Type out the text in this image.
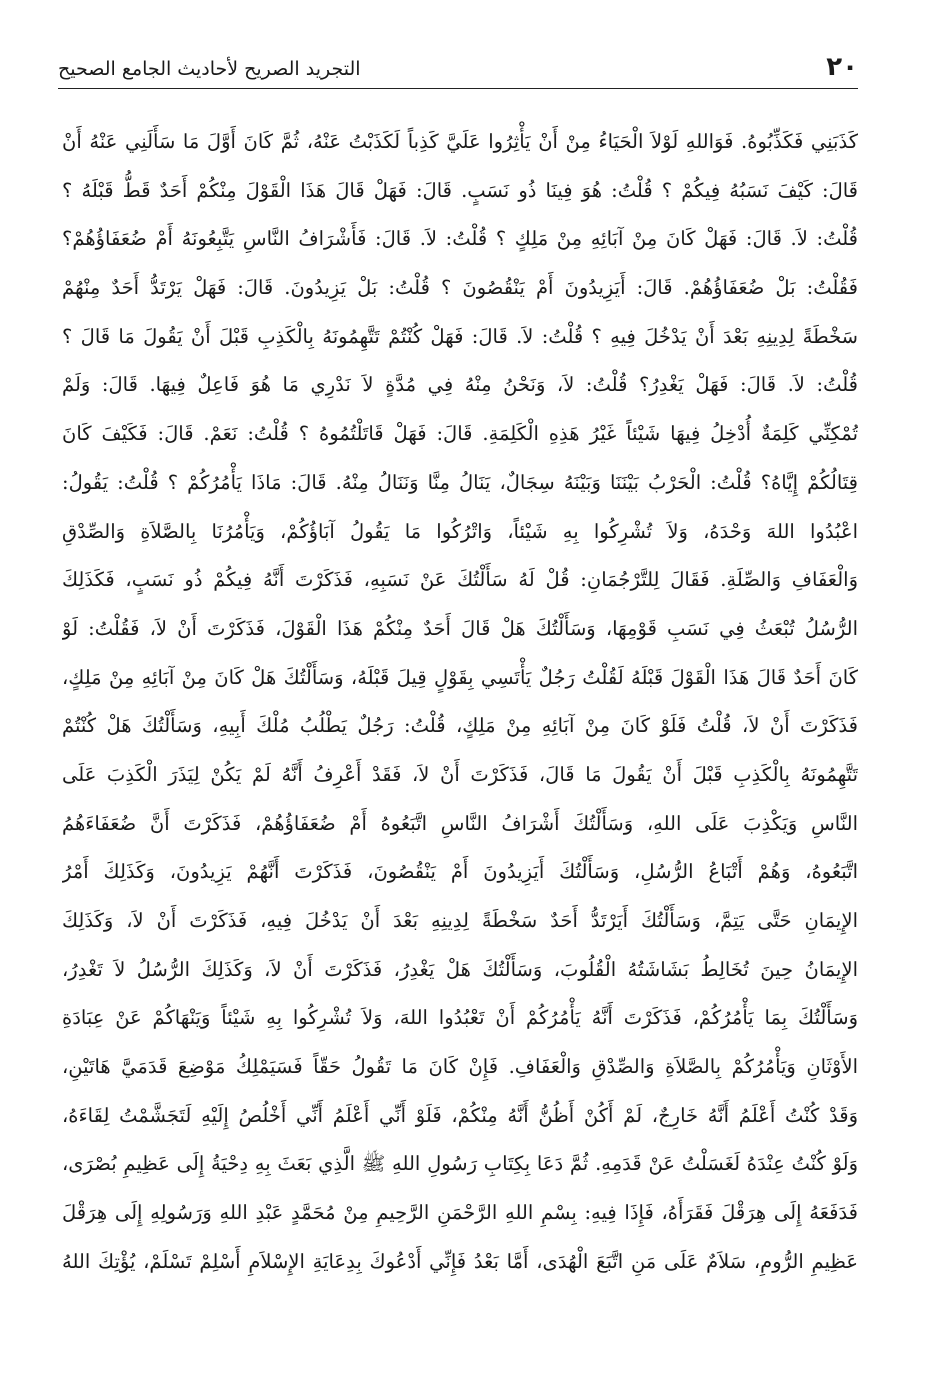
٢٠
التجريد الصريح لأحاديث الجامع الصحيح
كَذَبَنِي فَكَذِّبُوهُ. فَوَاللهِ لَوْلاَ الْحَيَاءُ مِنْ أَنْ يَأْثِرُوا عَلَيَّ كَذِباً لَكَذَبْتُ عَنْهُ، ثُمَّ كَانَ أَوَّلَ مَا سَأَلَنِي عَنْهُ أَنْ
قَالَ: كَيْفَ نَسَبُهُ فِيكُمْ ؟ قُلْتُ: هُوَ فِينَا ذُو نَسَبٍ. قَالَ: فَهَلْ قَالَ هَذَا الْقَوْلَ مِنْكُمْ أَحَدٌ قَطُّ قَبْلَهُ ؟
قُلْتُ: لاَ. قَالَ: فَهَلْ كَانَ مِنْ آبَائِهِ مِنْ مَلِكٍ ؟ قُلْتُ: لاَ. قَالَ: فَأَشْرَافُ النَّاسِ يَتَّبِعُونَهُ أَمْ ضُعَفَاؤُهُمْ؟
فَقُلْتُ: بَلْ ضُعَفَاؤُهُمْ. قَالَ: أَيَزِيدُونَ أَمْ يَنْقُصُونَ ؟ قُلْتُ: بَلْ يَزِيدُونَ. قَالَ: فَهَلْ يَرْتَدُّ أَحَدٌ مِنْهُمْ
سَخْطَةً لِدِينِهِ بَعْدَ أَنْ يَدْخُلَ فِيهِ ؟ قُلْتُ: لاَ. قَالَ: فَهَلْ كُنْتُمْ تَتَّهِمُونَهُ بِالْكَذِبِ قَبْلَ أَنْ يَقُولَ مَا قَالَ ؟
قُلْتُ: لاَ. قَالَ: فَهَلْ يَغْدِرُ؟ قُلْتُ: لاَ، وَنَحْنُ مِنْهُ فِي مُدَّةٍ لاَ نَدْرِي مَا هُوَ فَاعِلٌ فِيهَا. قَالَ: وَلَمْ
تُمْكِنِّي كَلِمَةٌ أُدْخِلُ فِيهَا شَيْئاً غَيْرُ هَذِهِ الْكَلِمَةِ. قَالَ: فَهَلْ قَاتَلْتُمُوهُ ؟ قُلْتُ: نَعَمْ. قَالَ: فَكَيْفَ كَانَ
قِتَالُكُمْ إِيَّاهُ؟ قُلْتُ: الْحَرْبُ بَيْنَنَا وَبَيْنَهُ سِجَالٌ، يَنَالُ مِنَّا وَنَنَالُ مِنْهُ. قَالَ: مَاذَا يَأْمُرُكُمْ ؟ قُلْتُ: يَقُولُ:
اعْبُدُوا اللهَ وَحْدَهُ، وَلاَ تُشْرِكُوا بِهِ شَيْئاً، وَاتْرُكُوا مَا يَقُولُ آبَاؤُكُمْ، وَيَأْمُرُنَا بِالصَّلاَةِ وَالصِّدْقِ
وَالْعَفَافِ وَالصِّلَةِ. فَقَالَ لِلتَّرْجُمَانِ: قُلْ لَهُ سَأَلْتُكَ عَنْ نَسَبِهِ، فَذَكَرْتَ أَنَّهُ فِيكُمْ ذُو نَسَبٍ، فَكَذَلِكَ
الرُّسُلُ تُبْعَثُ فِي نَسَبِ قَوْمِهَا، وَسَأَلْتُكَ هَلْ قَالَ أَحَدٌ مِنْكُمْ هَذَا الْقَوْلَ، فَذَكَرْتَ أَنْ لاَ، فَقُلْتُ: لَوْ
كَانَ أَحَدٌ قَالَ هَذَا الْقَوْلَ قَبْلَهُ لَقُلْتُ رَجُلٌ يَأْتَسِي بِقَوْلٍ قِيلَ قَبْلَهُ، وَسَأَلْتُكَ هَلْ كَانَ مِنْ آبَائِهِ مِنْ مَلِكٍ،
فَذَكَرْتَ أَنْ لاَ، قُلْتُ فَلَوْ كَانَ مِنْ آبَائِهِ مِنْ مَلِكٍ، قُلْتُ: رَجُلٌ يَطْلُبُ مُلْكَ أَبِيهِ، وَسَأَلْتُكَ هَلْ كُنْتُمْ
تَتَّهِمُونَهُ بِالْكَذِبِ قَبْلَ أَنْ يَقُولَ مَا قَالَ، فَذَكَرْتَ أَنْ لاَ، فَقَدْ أَعْرِفُ أَنَّهُ لَمْ يَكُنْ لِيَذَرَ الْكَذِبَ عَلَى
النَّاسِ وَيَكْذِبَ عَلَى اللهِ، وَسَأَلْتُكَ أَشْرَافُ النَّاسِ اتَّبَعُوهُ أَمْ ضُعَفَاؤُهُمْ، فَذَكَرْتَ أَنَّ ضُعَفَاءَهُمُ
اتَّبَعُوهُ، وَهُمْ أَتْبَاعُ الرُّسُلِ، وَسَأَلْتُكَ أَيَزِيدُونَ أَمْ يَنْقُصُونَ، فَذَكَرْتَ أَنَّهُمْ يَزِيدُونَ، وَكَذَلِكَ أَمْرُ
الإِيمَانِ حَتَّى يَتِمَّ، وَسَأَلْتُكَ أَيَرْتَدُّ أَحَدٌ سَخْطَةً لِدِينِهِ بَعْدَ أَنْ يَدْخُلَ فِيهِ، فَذَكَرْتَ أَنْ لاَ، وَكَذَلِكَ
الإِيمَانُ حِينَ تُخَالِطُ بَشَاشَتُهُ الْقُلُوبَ، وَسَأَلْتُكَ هَلْ يَغْدِرُ، فَذَكَرْتَ أَنْ لاَ، وَكَذَلِكَ الرُّسُلُ لاَ تَغْدِرُ،
وَسَأَلْتُكَ بِمَا يَأْمُرُكُمْ، فَذَكَرْتَ أَنَّهُ يَأْمُرُكُمْ أَنْ تَعْبُدُوا اللهَ، وَلاَ تُشْرِكُوا بِهِ شَيْئاً وَيَنْهَاكُمْ عَنْ عِبَادَةِ
الأَوْثَانِ وَيَأْمُرُكُمْ بِالصَّلاَةِ وَالصِّدْقِ وَالْعَفَافِ. فَإِنْ كَانَ مَا تَقُولُ حَقّاً فَسَيَمْلِكُ مَوْضِعَ قَدَمَيَّ هَاتَيْنِ،
وَقَدْ كُنْتُ أَعْلَمُ أَنَّهُ خَارِجٌ، لَمْ أَكُنْ أَظُنُّ أَنَّهُ مِنْكُمْ، فَلَوْ أَنِّي أَعْلَمُ أَنِّي أَخْلُصُ إِلَيْهِ لَتَجَشَّمْتُ لِقَاءَهُ،
وَلَوْ كُنْتُ عِنْدَهُ لَغَسَلْتُ عَنْ قَدَمِهِ. ثُمَّ دَعَا بِكِتَابِ رَسُولِ اللهِ ﷺ الَّذِي بَعَثَ بِهِ دِحْيَةُ إِلَى عَظِيمِ بُصْرَى،
فَدَفَعَهُ إِلَى هِرَقْلَ فَقَرَأَهُ، فَإِذَا فِيهِ: بِسْمِ اللهِ الرَّحْمَنِ الرَّحِيمِ مِنْ مُحَمَّدٍ عَبْدِ اللهِ وَرَسُولِهِ إِلَى هِرَقْلَ
عَظِيمِ الرُّومِ، سَلاَمٌ عَلَى مَنِ اتَّبَعَ الْهُدَى، أَمَّا بَعْدُ فَإِنِّي أَدْعُوكَ بِدِعَايَةِ الإِسْلاَمِ أَسْلِمْ تَسْلَمْ، يُؤْتِكَ اللهُ
